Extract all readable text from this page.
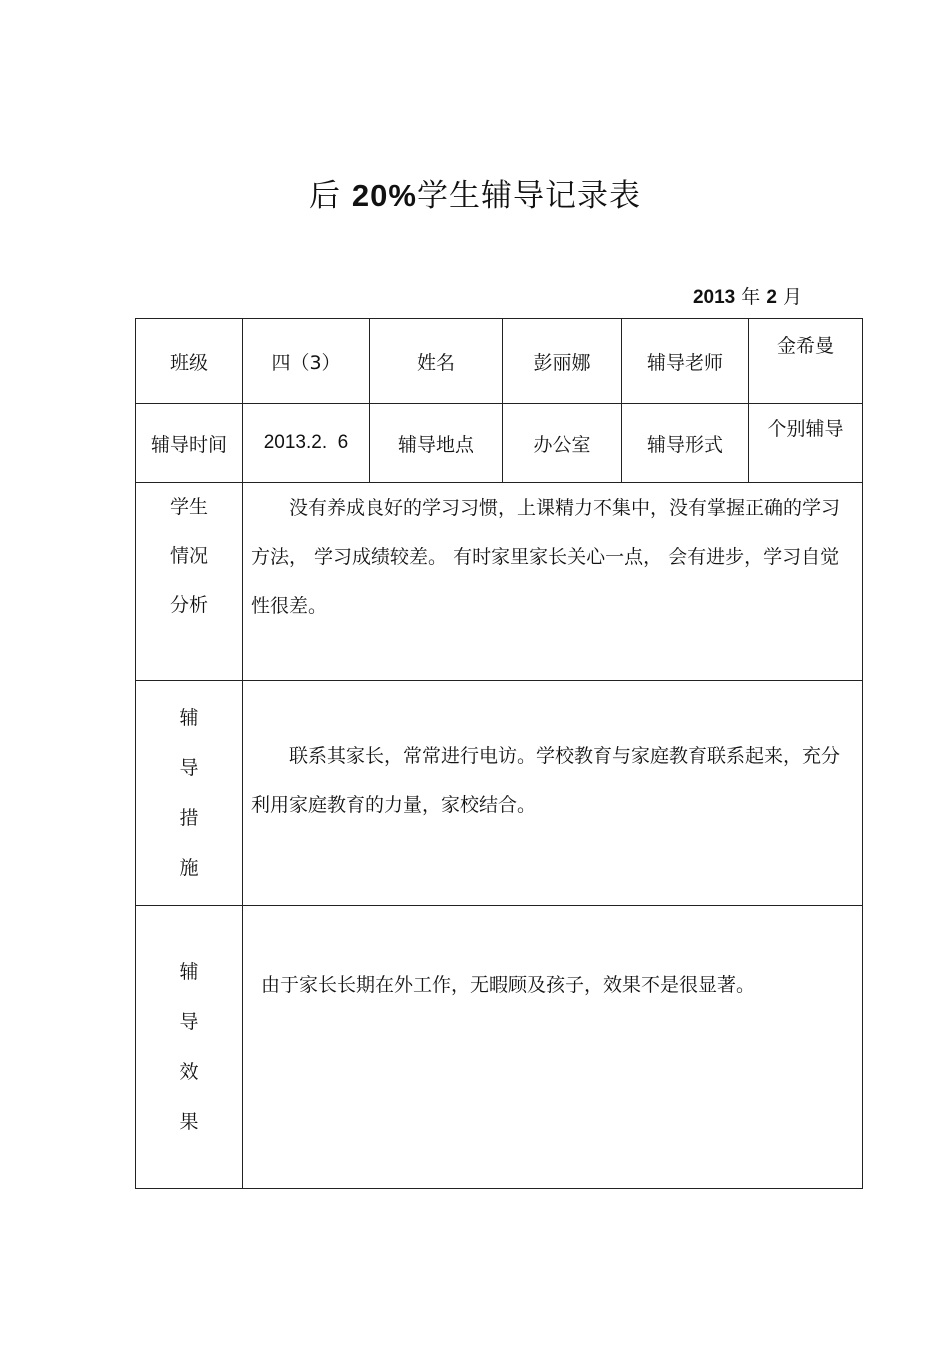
后 20%学生辅导记录表
2013 年 2 月
班级	四（3）	姓名	彭丽娜	辅导老师	金希曼
辅导时间	2013.2.  6	辅导地点	办公室	辅导形式	个别辅导

学生
情况
分析	没有养成良好的学习习惯，上课精力不集中，没有掌握正确的学习方法， 学习成绩较差。 有时家里家长关心一点， 会有进步，学习自觉性很差。				

辅
导
措
施	联系其家长，常常进行电访。学校教育与家庭教育联系起来，充分利用家庭教育的力量，家校结合。				

辅
导
效
果	由于家长长期在外工作，无暇顾及孩子，效果不是很显著。				
